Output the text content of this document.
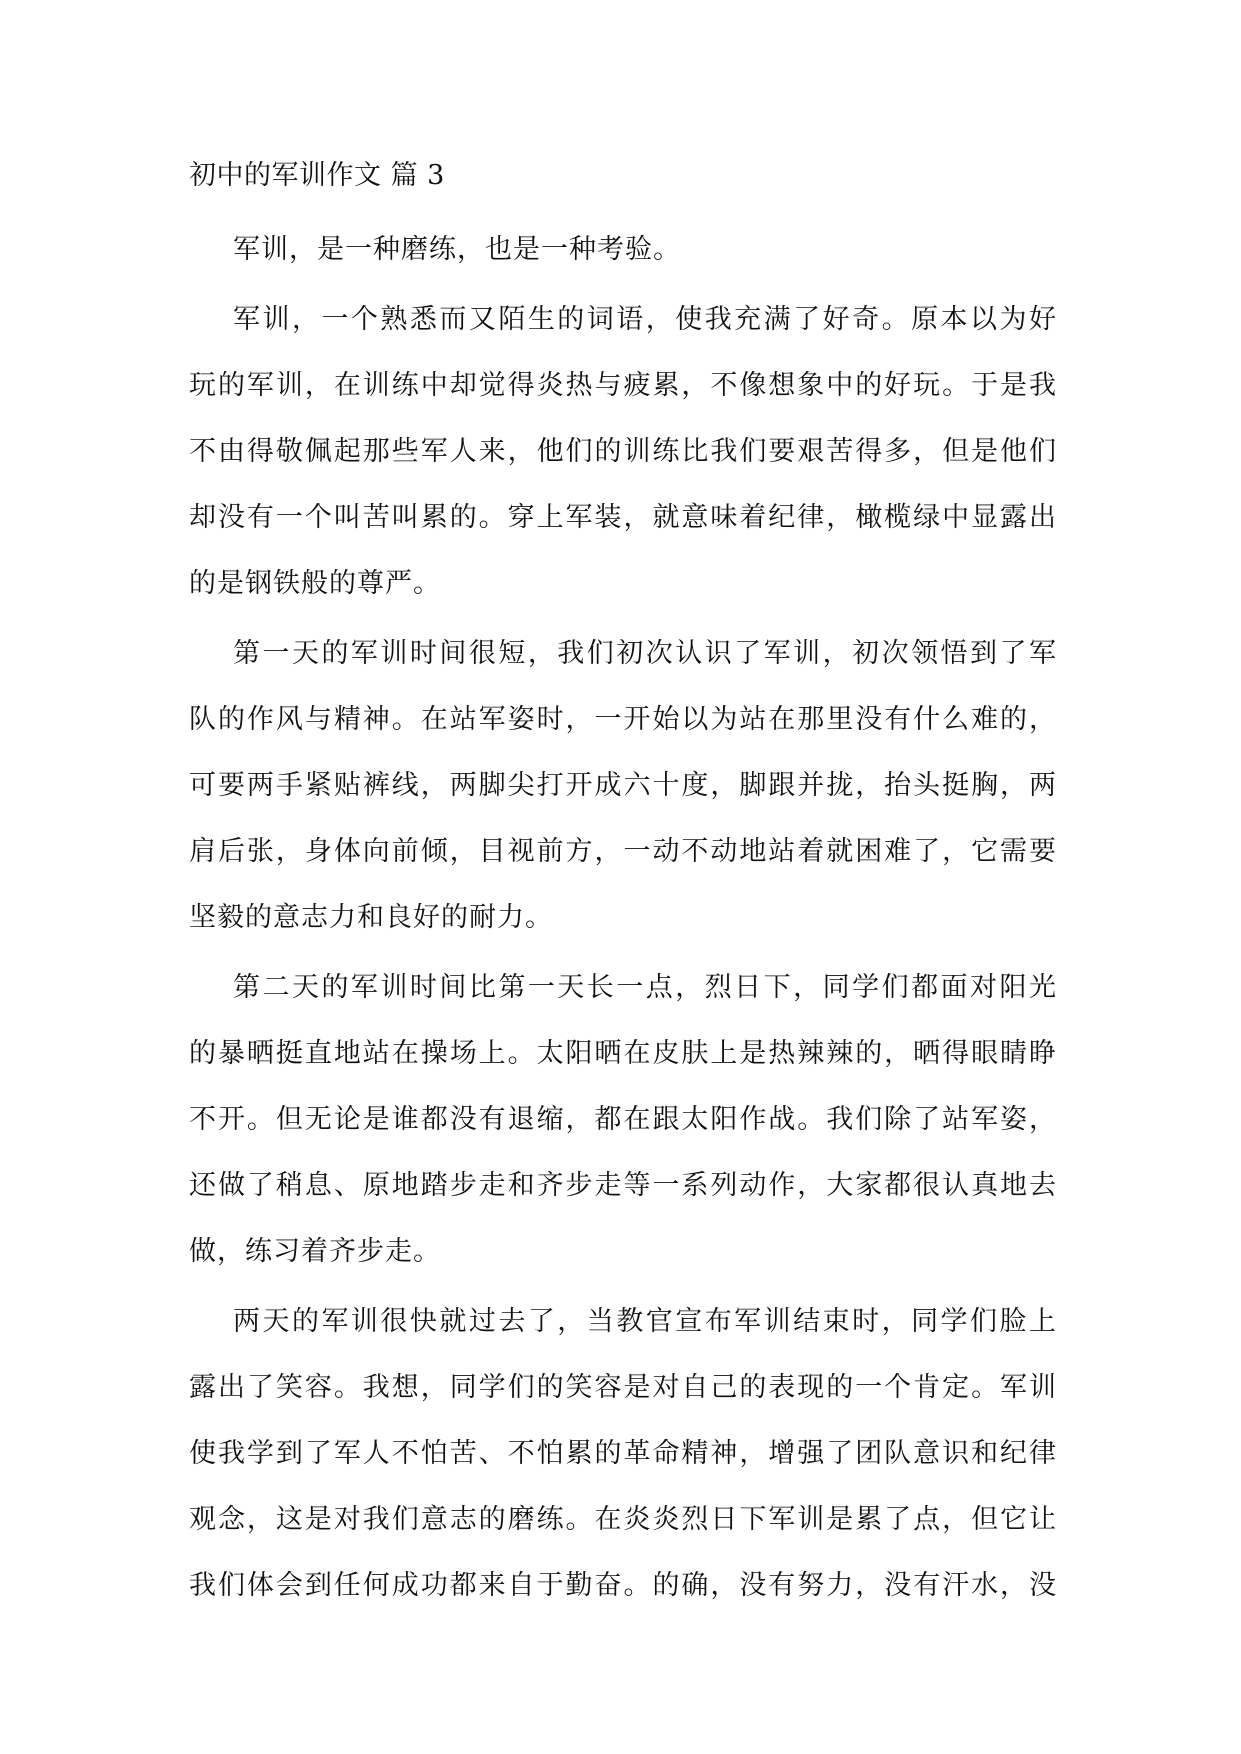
初中的军训作文 篇 3
军训，是一种磨练，也是一种考验。
军训，一个熟悉而又陌生的词语，使我充满了好奇。原本以为好
玩的军训，在训练中却觉得炎热与疲累，不像想象中的好玩。于是我
不由得敬佩起那些军人来，他们的训练比我们要艰苦得多，但是他们
却没有一个叫苦叫累的。穿上军装，就意味着纪律，橄榄绿中显露出
的是钢铁般的尊严。
第一天的军训时间很短，我们初次认识了军训，初次领悟到了军
队的作风与精神。在站军姿时，一开始以为站在那里没有什么难的，
可要两手紧贴裤线，两脚尖打开成六十度，脚跟并拢，抬头挺胸，两
肩后张，身体向前倾，目视前方，一动不动地站着就困难了，它需要
坚毅的意志力和良好的耐力。
第二天的军训时间比第一天长一点，烈日下，同学们都面对阳光
的暴晒挺直地站在操场上。太阳晒在皮肤上是热辣辣的，晒得眼睛睁
不开。但无论是谁都没有退缩，都在跟太阳作战。我们除了站军姿，
还做了稍息、原地踏步走和齐步走等一系列动作，大家都很认真地去
做，练习着齐步走。
两天的军训很快就过去了，当教官宣布军训结束时，同学们脸上
露出了笑容。我想，同学们的笑容是对自己的表现的一个肯定。军训
使我学到了军人不怕苦、不怕累的革命精神，增强了团队意识和纪律
观念，这是对我们意志的磨练。在炎炎烈日下军训是累了点，但它让
我们体会到任何成功都来自于勤奋。的确，没有努力，没有汗水，没
